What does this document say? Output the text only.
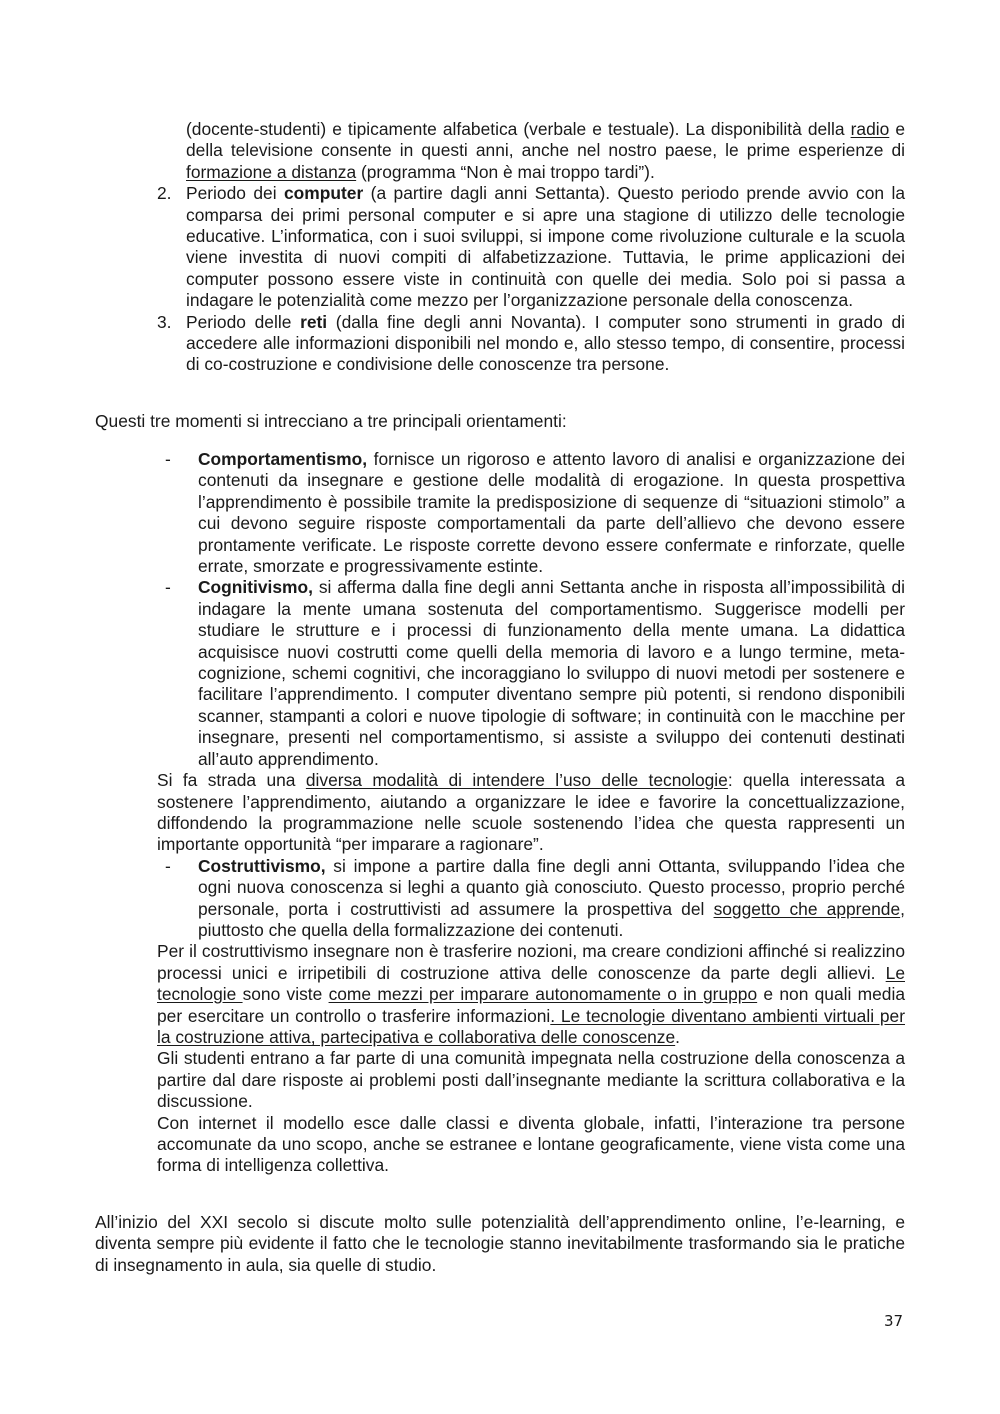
(docente-studenti) e tipicamente alfabetica (verbale e testuale). La disponibilità della radio e della televisione consente in questi anni, anche nel nostro paese, le prime esperienze di formazione a distanza (programma “Non è mai troppo tardi”).

2. Periodo dei computer (a partire dagli anni Settanta). Questo periodo prende avvio con la comparsa dei primi personal computer e si apre una stagione di utilizzo delle tecnologie educative. L’informatica, con i suoi sviluppi, si impone come rivoluzione culturale e la scuola viene investita di nuovi compiti di alfabetizzazione. Tuttavia, le prime applicazioni dei computer possono essere viste in continuità con quelle dei media. Solo poi si passa a indagare le potenzialità come mezzo per l’organizzazione personale della conoscenza.

3. Periodo delle reti (dalla fine degli anni Novanta). I computer sono strumenti in grado di accedere alle informazioni disponibili nel mondo e, allo stesso tempo, di consentire, processi di co-costruzione e condivisione delle conoscenze tra persone.

Questi tre momenti si intrecciano a tre principali orientamenti:

-	Comportamentismo, fornisce un rigoroso e attento lavoro di analisi e organizzazione dei contenuti da insegnare e gestione delle modalità di erogazione. In questa prospettiva l’apprendimento è possibile tramite la predisposizione di sequenze di “situazioni stimolo” a cui devono seguire risposte comportamentali da parte dell’allievo che devono essere prontamente verificate. Le risposte corrette devono essere confermate e rinforzate, quelle errate, smorzate e progressivamente estinte.

-	Cognitivismo, si afferma dalla fine degli anni Settanta anche in risposta all’impossibilità di indagare la mente umana sostenuta del comportamentismo. Suggerisce modelli per studiare le strutture e i processi di funzionamento della mente umana. La didattica acquisisce nuovi costrutti come quelli della memoria di lavoro e a lungo termine, meta-cognizione, schemi cognitivi, che incoraggiano lo sviluppo di nuovi metodi per sostenere e facilitare l’apprendimento. I computer diventano sempre più potenti, si rendono disponibili scanner, stampanti a colori e nuove tipologie di software; in continuità con le macchine per insegnare, presenti nel comportamentismo, si assiste a sviluppo dei contenuti destinati all’auto apprendimento.

Si fa strada una diversa modalità di intendere l’uso delle tecnologie: quella interessata a sostenere l’apprendimento, aiutando a organizzare le idee e favorire la concettualizzazione, diffondendo la programmazione nelle scuole sostenendo l’idea che questa rappresenti un importante opportunità “per imparare a ragionare”.

-	Costruttivismo, si impone a partire dalla fine degli anni Ottanta, sviluppando l’idea che ogni nuova conoscenza si leghi a quanto già conosciuto. Questo processo, proprio perché personale, porta i costruttivisti ad assumere la prospettiva del soggetto che apprende, piuttosto che quella della formalizzazione dei contenuti.

Per il costruttivismo insegnare non è trasferire nozioni, ma creare condizioni affinché si realizzino processi unici e irripetibili di costruzione attiva delle conoscenze da parte degli allievi. Le tecnologie sono viste come mezzi per imparare autonomamente o in gruppo e non quali media per esercitare un controllo o trasferire informazioni. Le tecnologie diventano ambienti virtuali per la costruzione attiva, partecipativa e collaborativa delle conoscenze.

Gli studenti entrano a far parte di una comunità impegnata nella costruzione della conoscenza a partire dal dare risposte ai problemi posti dall’insegnante mediante la scrittura collaborativa e la discussione.

Con internet il modello esce dalle classi e diventa globale, infatti, l’interazione tra persone accomunate da uno scopo, anche se estranee e lontane geograficamente, viene vista come una forma di intelligenza collettiva.

All’inizio del XXI secolo si discute molto sulle potenzialità dell’apprendimento online, l’e-learning, e diventa sempre più evidente il fatto che le tecnologie stanno inevitabilmente trasformando sia le pratiche di insegnamento in aula, sia quelle di studio.

37
